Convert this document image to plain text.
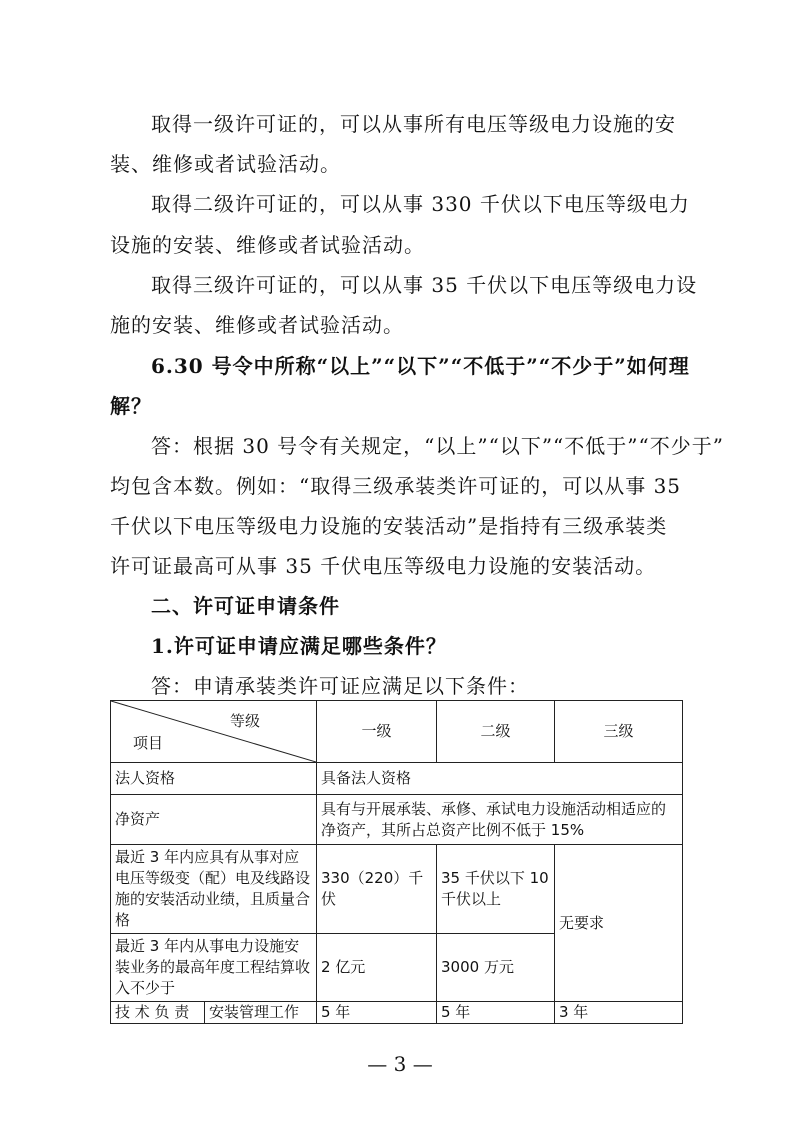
取得一级许可证的，可以从事所有电压等级电力设施的安

装、维修或者试验活动。

取得二级许可证的，可以从事 330 千伏以下电压等级电力

设施的安装、维修或者试验活动。

取得三级许可证的，可以从事 35 千伏以下电压等级电力设

施的安装、维修或者试验活动。

6.30 号令中所称“以上”“以下”“不低于”“不少于”如何理

解？

答：根据 30 号令有关规定，“以上”“以下”“不低于”“不少于”

均包含本数。例如：“取得三级承装类许可证的，可以从事 35

千伏以下电压等级电力设施的安装活动”是指持有三级承装类

许可证最高可从事 35 千伏电压等级电力设施的安装活动。

二、许可证申请条件

1.许可证申请应满足哪些条件？

答：申请承装类许可证应满足以下条件：

等级
项目		一级	二级	三级
法人资格		具备法人资格		
净资产		具有与开展承装、承修、承试电力设施活动相适应的净资产，其所占总资产比例不低于 15%		
最近 3 年内应具有从事对应电压等级变（配）电及线路设施的安装活动业绩，且质量合格		330（220）千伏	35 千伏以下 10 千伏以上	无要求
最近 3 年内从事电力设施安装业务的最高年度工程结算收入不少于		2 亿元	3000 万元	
技 术 负 责	安装管理工作	5 年	5 年	3 年
— 3 —
